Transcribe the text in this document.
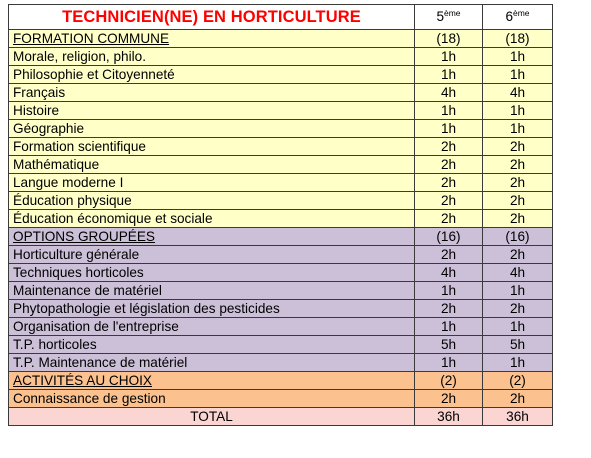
TECHNICIEN(NE) EN HORTICULTURE	5ème	6ème
FORMATION COMMUNE	(18)	(18)
Morale, religion, philo.	1h	1h
Philosophie et Citoyenneté	1h	1h
Français	4h	4h
Histoire	1h	1h
Géographie	1h	1h
Formation scientifique	2h	2h
Mathématique	2h	2h
Langue moderne I	2h	2h
Éducation physique	2h	2h
Éducation économique et sociale	2h	2h
OPTIONS GROUPÉES	(16)	(16)
Horticulture générale	2h	2h
Techniques horticoles	4h	4h
Maintenance de matériel	1h	1h
Phytopathologie et législation des pesticides	2h	2h
Organisation de l'entreprise	1h	1h
T.P. horticoles	5h	5h
T.P. Maintenance de matériel	1h	1h
ACTIVITÉS AU CHOIX	(2)	(2)
Connaissance de gestion	2h	2h
TOTAL	36h	36h
